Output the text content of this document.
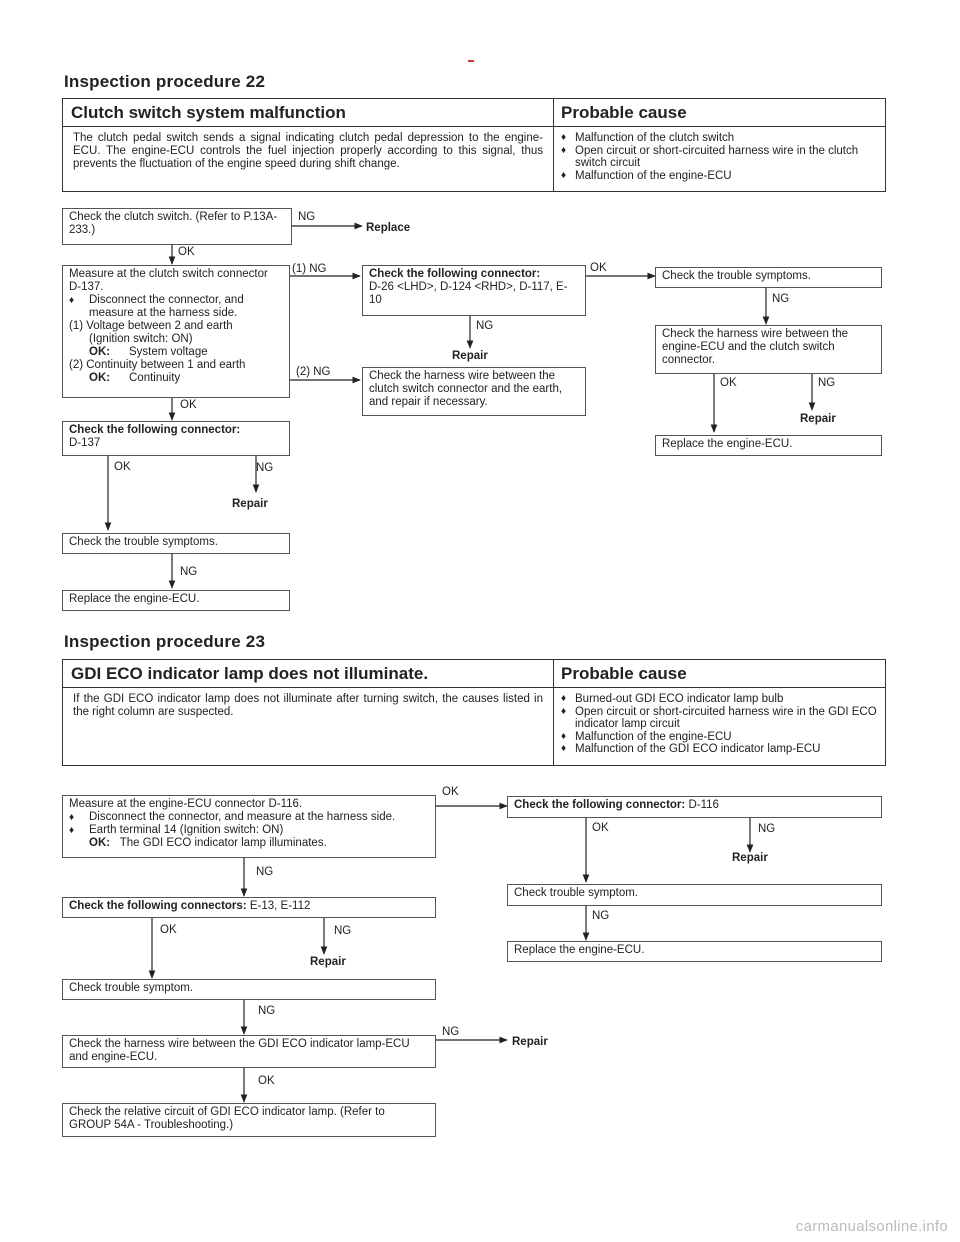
Inspection procedure 22
Clutch switch system malfunction	Probable cause
The clutch pedal switch sends a signal indicating clutch pedal depression to the engine-ECU. The engine-ECU controls the fuel injection properly according to this signal, thus prevents the fluctuation of the engine speed during shift change.
♦ Malfunction of the clutch switch
♦ Open circuit or short-circuited harness wire in the clutch switch circuit
♦ Malfunction of the engine-ECU
Check the clutch switch. (Refer to P.13A-233.)
NG
Replace
OK
Measure at the clutch switch connector D-137.
♦ Disconnect the connector, and measure at the harness side.
(1) Voltage between 2 and earth
(Ignition switch: ON)
OK: System voltage
(2) Continuity between 1 and earth
OK: Continuity
(1) NG
(2) NG
Check the following connector:
D-26 <LHD>, D-124 <RHD>, D-117, E-10
OK
NG
Repair
Check the harness wire between the clutch switch connector and the earth, and repair if necessary.
Check the trouble symptoms.
NG
Check the harness wire between the engine-ECU and the clutch switch connector.
OK	NG
Repair
Replace the engine-ECU.
OK
Check the following connector:
D-137
OK	NG
Repair
Check the trouble symptoms.
NG
Replace the engine-ECU.
Inspection procedure 23
GDI ECO indicator lamp does not illuminate.	Probable cause
If the GDI ECO indicator lamp does not illuminate after turning switch, the causes listed in the right column are suspected.
♦ Burned-out GDI ECO indicator lamp bulb
♦ Open circuit or short-circuited harness wire in the GDI ECO indicator lamp circuit
♦ Malfunction of the engine-ECU
♦ Malfunction of the GDI ECO indicator lamp-ECU
Measure at the engine-ECU connector D-116.
♦ Disconnect the connector, and measure at the harness side.
♦ Earth terminal 14 (Ignition switch: ON)
OK: The GDI ECO indicator lamp illuminates.
OK
Check the following connector: D-116
OK	NG
Repair
Check trouble symptom.
NG
Replace the engine-ECU.
NG
Check the following connectors: E-13, E-112
OK	NG
Repair
Check trouble symptom.
NG
Check the harness wire between the GDI ECO indicator lamp-ECU and engine-ECU.
NG
Repair
OK
Check the relative circuit of GDI ECO indicator lamp. (Refer to GROUP 54A - Troubleshooting.)
carmanualsonline.info
